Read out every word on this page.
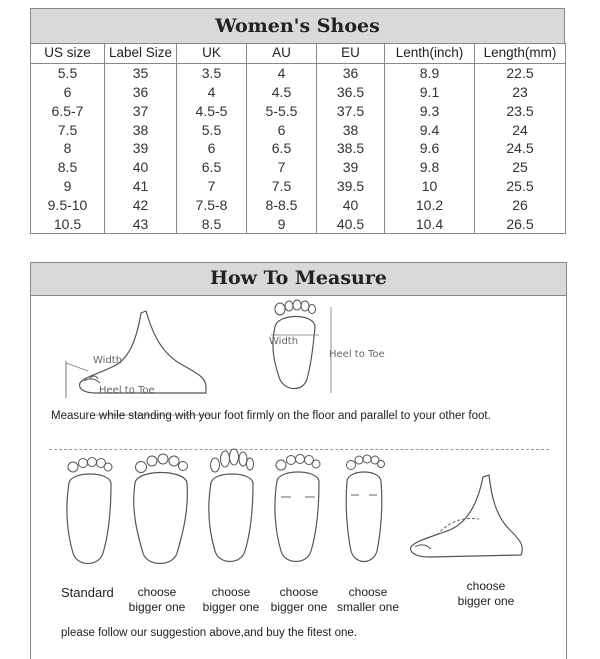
Women's Shoes
US size	Label Size	UK	AU	EU	Lenth(inch)	Length(mm)
5.5	35	3.5	4	36	8.9	22.5
6	36	4	4.5	36.5	9.1	23
6.5-7	37	4.5-5	5-5.5	37.5	9.3	23.5
7.5	38	5.5	6	38	9.4	24
8	39	6	6.5	38.5	9.6	24.5
8.5	40	6.5	7	39	9.8	25
9	41	7	7.5	39.5	10	25.5
9.5-10	42	7.5-8	8-8.5	40	10.2	26
10.5	43	8.5	9	40.5	10.4	26.5
How To Measure
Width
Heel to Toe
Width
Heel to Toe
Measure while standing with your foot firmly on the floor and parallel to your other foot.
Standard	choose
bigger one
choose
bigger one
choose
bigger one
choose
smaller one
choose
bigger one
please follow our suggestion above,and buy the fitest one.
